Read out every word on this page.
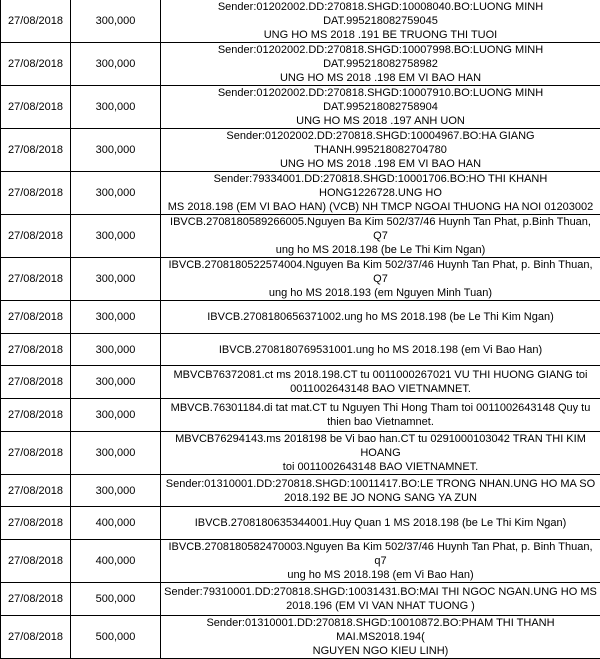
27/08/2018	300,000	Sender:01202002.DD:270818.SHGD:10008040.BO:LUONG MINH DAT.995218082759045
UNG HO MS 2018 .191 BE TRUONG THI TUOI
27/08/2018	300,000	Sender:01202002.DD:270818.SHGD:10007998.BO:LUONG MINH DAT.995218082758982
UNG HO MS 2018 .198 EM VI BAO HAN
27/08/2018	300,000	Sender:01202002.DD:270818.SHGD:10007910.BO:LUONG MINH DAT.995218082758904
UNG HO MS 2018 .197 ANH UON
27/08/2018	300,000	Sender:01202002.DD:270818.SHGD:10004967.BO:HA GIANG THANH.995218082704780
UNG HO MS 2018 .198 EM VI BAO HAN
27/08/2018	300,000	Sender:79334001.DD:270818.SHGD:10001706.BO:HO THI KHANH HONG1226728.UNG HO
MS 2018.198 (EM VI BAO HAN) (VCB) NH TMCP NGOAI THUONG HA NOI 01203002
27/08/2018	300,000	IBVCB.2708180589266005.Nguyen Ba Kim 502/37/46 Huynh Tan Phat, p.Binh Thuan, Q7
ung ho MS 2018.198 (be Le Thi Kim Ngan)
27/08/2018	300,000	IBVCB.2708180522574004.Nguyen Ba Kim 502/37/46 Huynh Tan Phat, p. Binh Thuan, Q7
ung ho MS 2018.193 (em Nguyen Minh Tuan)
27/08/2018	300,000	IBVCB.2708180656371002.ung ho MS 2018.198 (be Le Thi Kim Ngan)
27/08/2018	300,000	IBVCB.2708180769531001.ung ho MS 2018.198 (em Vi Bao Han)
27/08/2018	300,000	MBVCB76372081.ct ms 2018.198.CT tu 0011000267021 VU THI HUONG GIANG toi
0011002643148 BAO VIETNAMNET.
27/08/2018	300,000	MBVCB.76301184.di tat mat.CT tu Nguyen Thi Hong Tham toi 0011002643148 Quy tu
thien bao Vietnamnet.
27/08/2018	300,000	MBVCB76294143.ms 2018198 be Vi bao han.CT tu 0291000103042 TRAN THI KIM HOANG
toi 0011002643148 BAO VIETNAMNET.
27/08/2018	300,000	Sender:01310001.DD:270818.SHGD:10011417.BO:LE TRONG NHAN.UNG HO MA SO
2018.192 BE JO NONG SANG YA ZUN
27/08/2018	400,000	IBVCB.2708180635344001.Huy Quan 1 MS 2018.198 (be Le Thi Kim Ngan)
27/08/2018	400,000	IBVCB.2708180582470003.Nguyen Ba Kim 502/37/46 Huynh Tan Phat, p. Binh Thuan, q7
ung ho MS 2018.198 (em Vi Bao Han)
27/08/2018	500,000	Sender:79310001.DD:270818.SHGD:10031431.BO:MAI THI NGOC NGAN.UNG HO MS
2018.196 (EM VI VAN NHAT TUONG )
27/08/2018	500,000	Sender:01310001.DD:270818.SHGD:10010872.BO:PHAM THI THANH MAI.MS2018.194(
NGUYEN NGO KIEU LINH)
